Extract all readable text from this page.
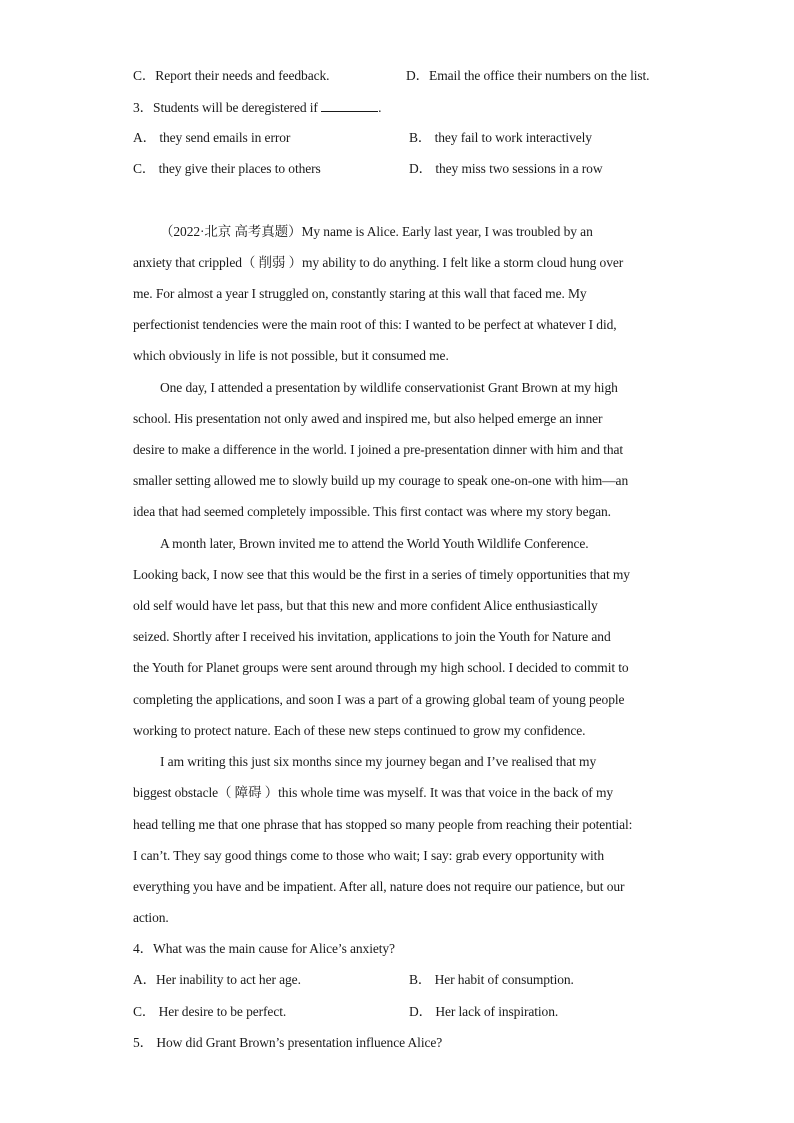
C．Report their needs and feedback.	D．Email the office their numbers on the list.
3．Students will be deregistered if	.
A． they send emails in error	B． they fail to work interactively
C． they give their places to others	D． they miss two sessions in a row
（2022·北京 高考真题）My name is Alice. Early last year, I was troubled by an
anxiety that crippled（ 削弱 ）my ability to do anything. I felt like a storm cloud hung over
me. For almost a year I struggled on, constantly staring at this wall that faced me. My
perfectionist tendencies were the main root of this: I wanted to be perfect at whatever I did,
which obviously in life is not possible, but it consumed me.
One day, I attended a presentation by wildlife conservationist Grant Brown at my high
school. His presentation not only awed and inspired me, but also helped emerge an inner
desire to make a difference in the world. I joined a pre-presentation dinner with him and that
smaller setting allowed me to slowly build up my courage to speak one-on-one with him—an
idea that had seemed completely impossible. This first contact was where my story began.
A month later, Brown invited me to attend the World Youth Wildlife Conference.
Looking back, I now see that this would be the first in a series of timely opportunities that my
old self would have let pass, but that this new and more confident Alice enthusiastically
seized. Shortly after I received his invitation, applications to join the Youth for Nature and
the Youth for Planet groups were sent around through my high school. I decided to commit to
completing the applications, and soon I was a part of a growing global team of young people
working to protect nature. Each of these new steps continued to grow my confidence.
I am writing this just six months since my journey began and I’ve realised that my
biggest obstacle（ 障碍 ）this whole time was myself. It was that voice in the back of my
head telling me that one phrase that has stopped so many people from reaching their potential:
I can’t. They say good things come to those who wait; I say: grab every opportunity with
everything you have and be impatient. After all, nature does not require our patience, but our
action.
4．What was the main cause for Alice’s anxiety?
A．Her inability to act her age.	B． Her habit of consumption.
C． Her desire to be perfect.	D． Her lack of inspiration.
5． How did Grant Brown’s presentation influence Alice?
